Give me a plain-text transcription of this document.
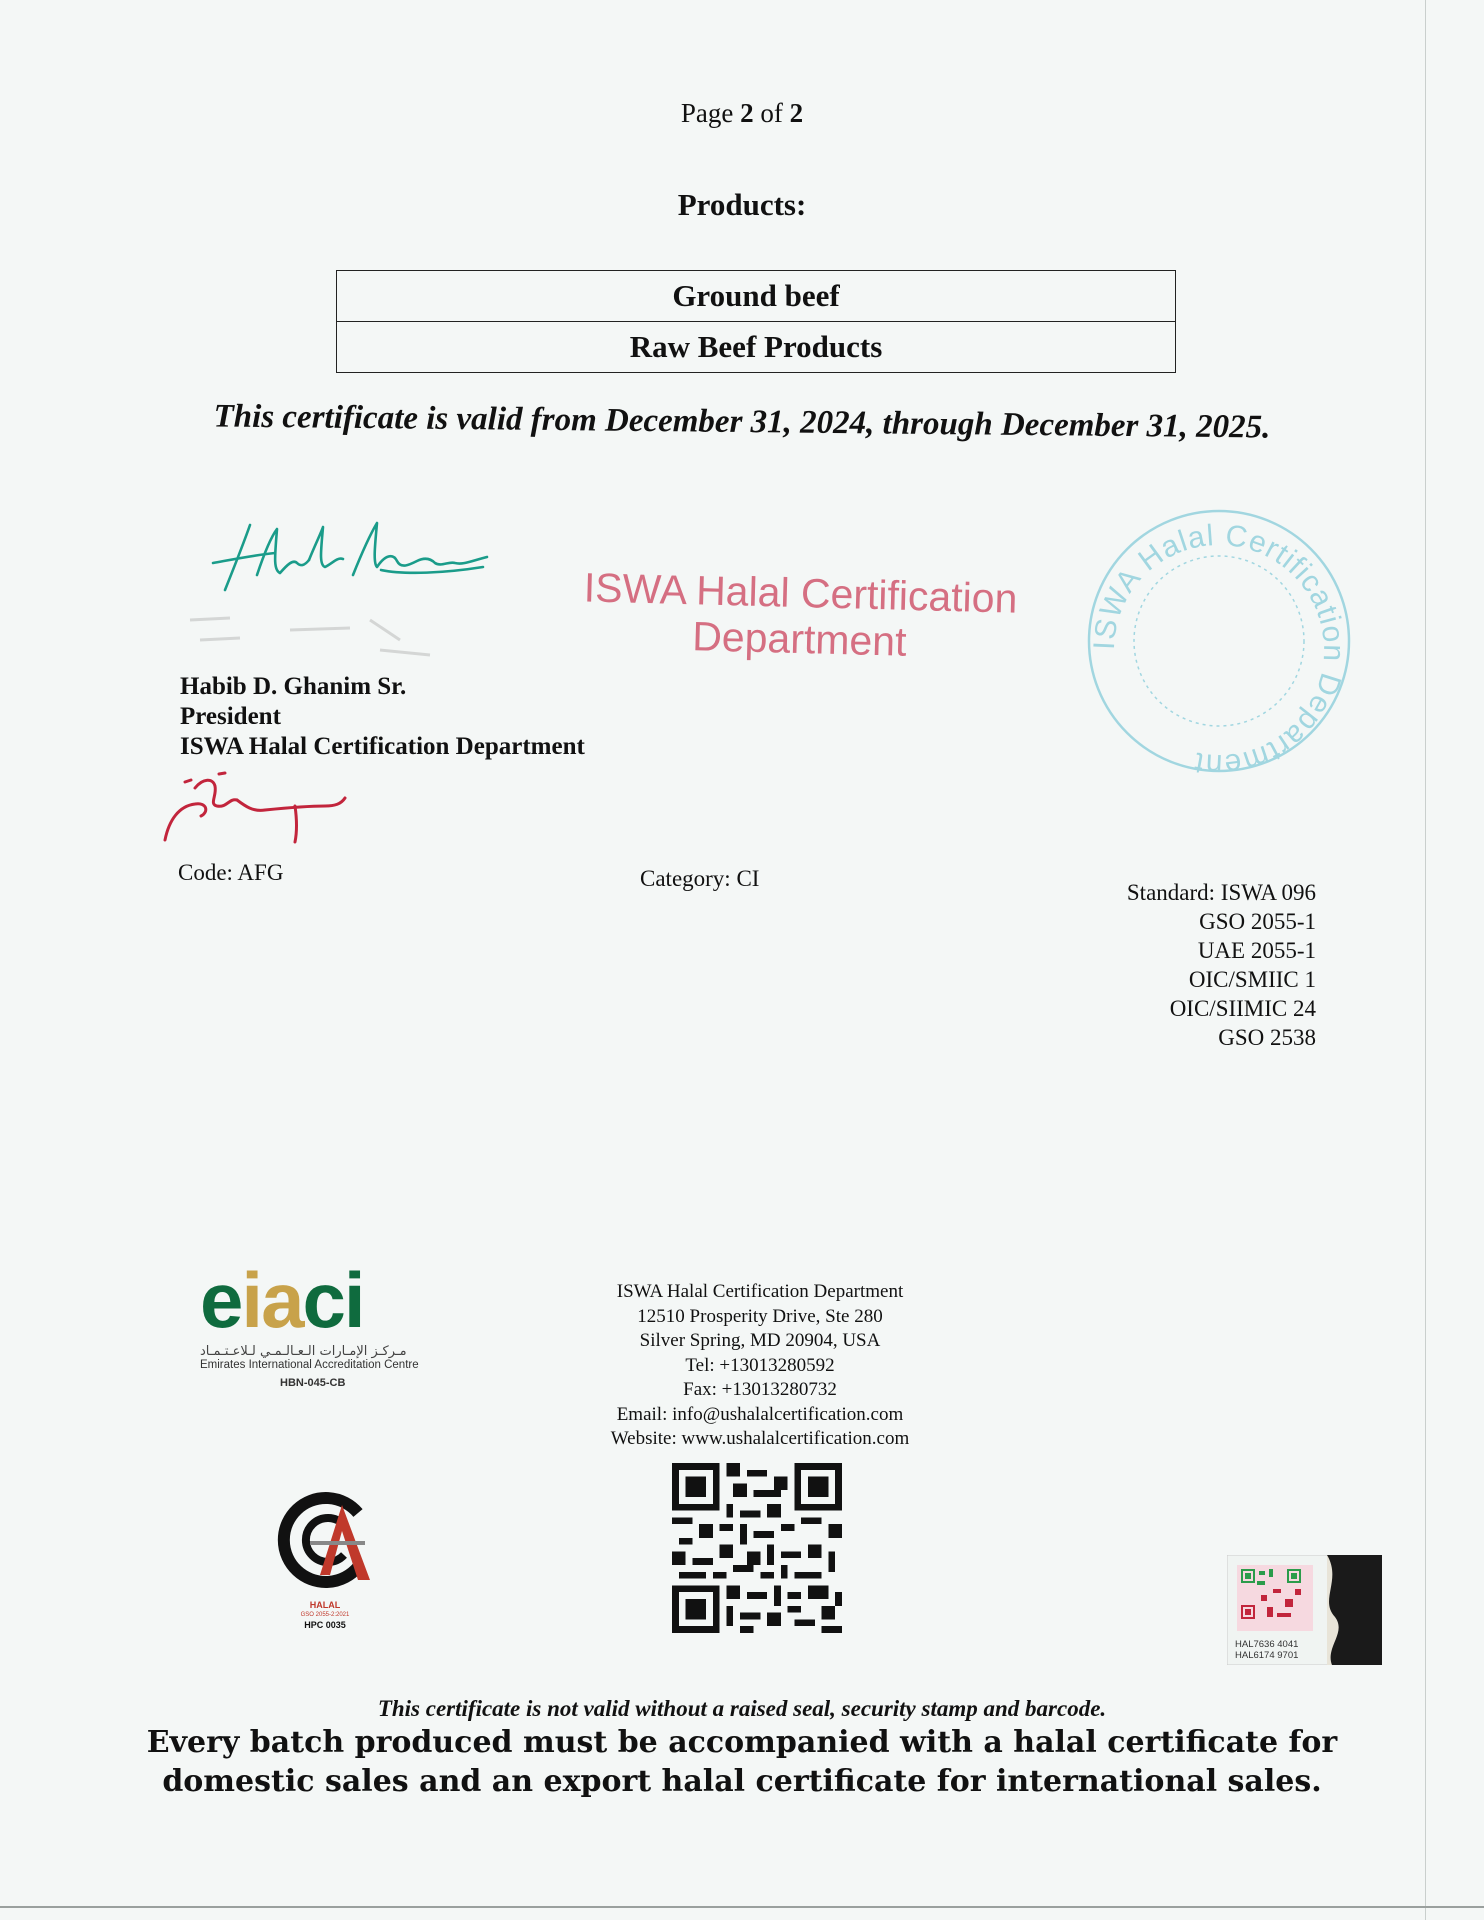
Page 2 of 2
Products:
Ground beef
Raw Beef Products
This certificate is valid from December 31, 2024, through December 31, 2025.
ISWA Halal Certification
Department	ISWA Halal Certification Department
Habib D. Ghanim Sr.
President
ISWA Halal Certification Department
Code: AFG	Category: CI
Standard: ISWA 096
GSO 2055-1
UAE 2055-1
OIC/SMIIC 1
OIC/SIIMIC 24
GSO 2538
eiaci
مـركـز الإمـارات الـعـالـمـي لـلاعـتـمـاد
Emirates International Accreditation Centre
HBN-045-CB
HALAL
GSO 2055-2:2021
HPC 0035
ISWA Halal Certification Department
12510 Prosperity Drive, Ste 280
Silver Spring, MD 20904, USA
Tel: +13013280592
Fax: +13013280732
Email: info@ushalalcertification.com
Website: www.ushalalcertification.com
HAL7636 4041
HAL6174 9701
This certificate is not valid without a raised seal, security stamp and barcode.
Every batch produced must be accompanied with a halal certificate for
domestic sales and an export halal certificate for international sales.
